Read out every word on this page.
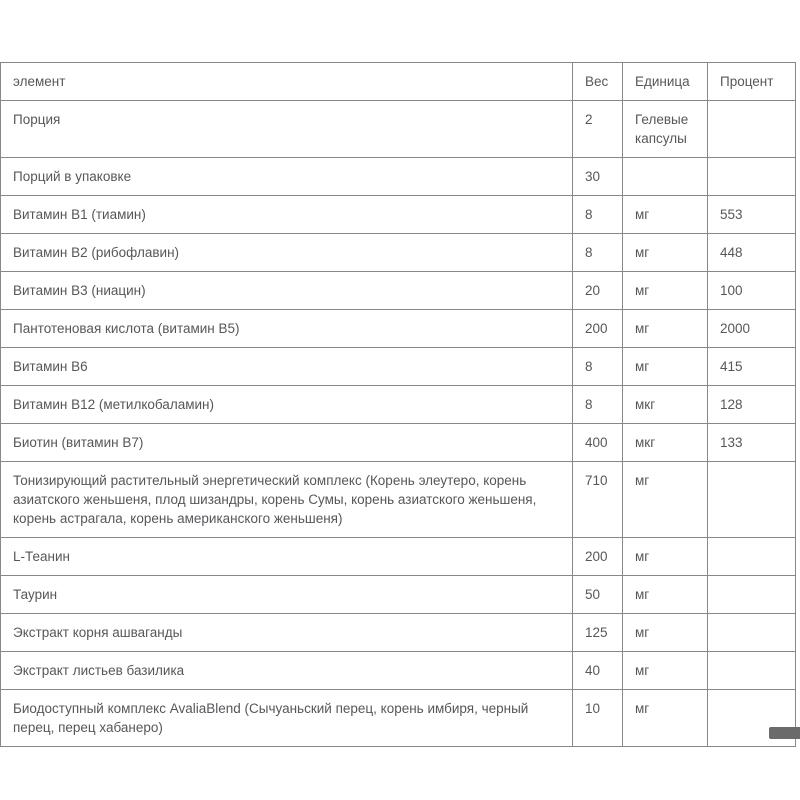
элемент	Вес	Единица	Процент
Порция	2	Гелевые капсулы	
Порций в упаковке	30		
Витамин B1 (тиамин)	8	мг	553
Витамин B2 (рибофлавин)	8	мг	448
Витамин B3 (ниацин)	20	мг	100
Пантотеновая кислота (витамин B5)	200	мг	2000
Витамин B6	8	мг	415
Витамин B12 (метилкобаламин)	8	мкг	128
Биотин (витамин B7)	400	мкг	133
Тонизирующий растительный энергетический комплекс (Корень элеутеро, корень азиатского женьшеня, плод шизандры, корень Сумы, корень азиатского женьшеня, корень астрагала, корень американского женьшеня)	710	мг	
L-Теанин	200	мг	
Таурин	50	мг	
Экстракт корня ашваганды	125	мг	
Экстракт листьев базилика	40	мг	
Биодоступный комплекс AvaliaBlend (Сычуаньский перец, корень имбиря, черный перец, перец хабанеро)	10	мг	
